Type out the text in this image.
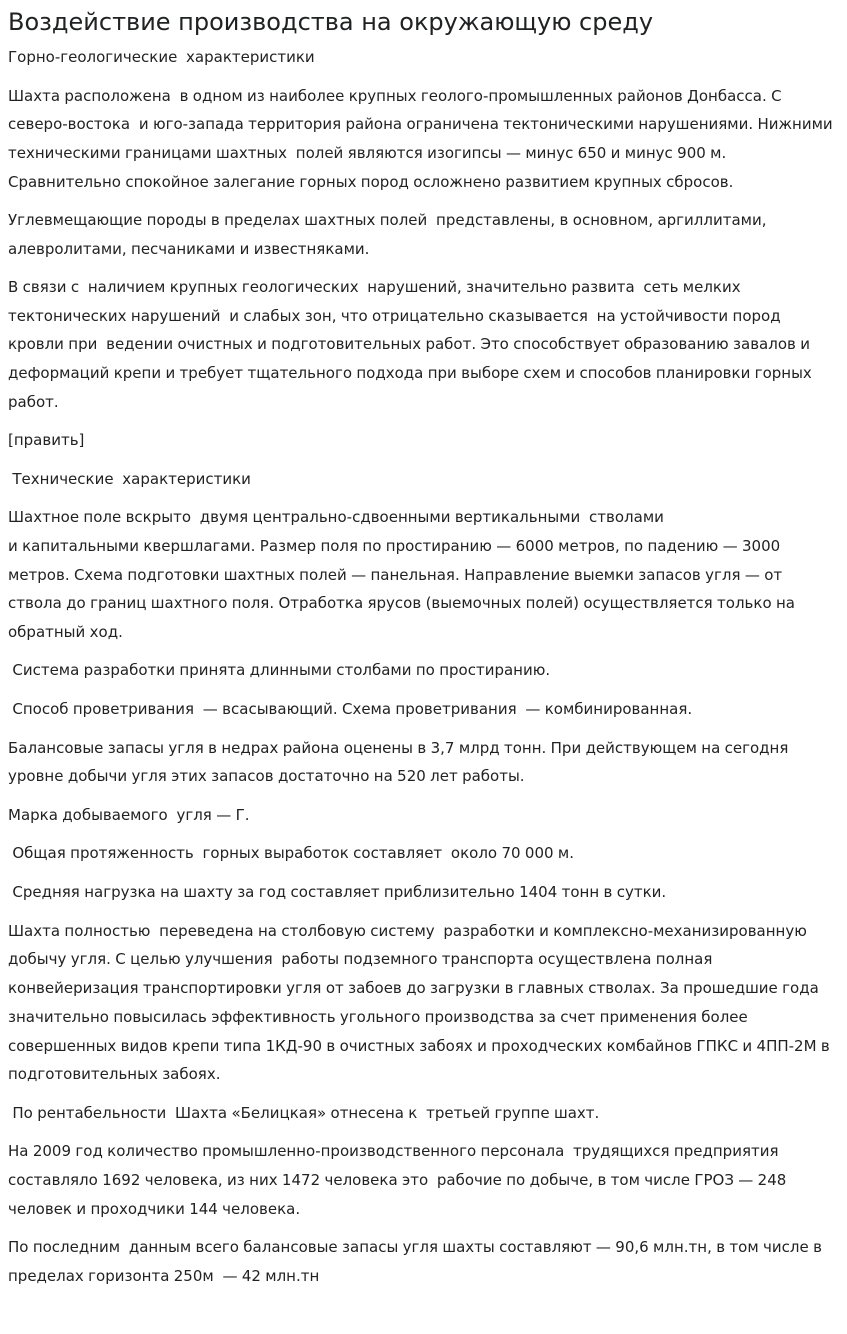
Воздействие производства на окружающую среду

Горно-геологические  характеристики

Шахта расположена  в одном из наиболее крупных геолого-промышленных районов Донбасса. С северо-востока  и юго-запада территория района ограничена тектоническими нарушениями. Нижними  техническими границами шахтных  полей являются изогипсы — минус 650 и минус 900 м. Сравнительно спокойное залегание горных пород осложнено развитием крупных сбросов.

Углевмещающие породы в пределах шахтных полей  представлены, в основном, аргиллитами, алевролитами, песчаниками и известняками.

В связи с  наличием крупных геологических  нарушений, значительно развита  сеть мелких тектонических нарушений  и слабых зон, что отрицательно сказывается  на устойчивости пород кровли при  ведении очистных и подготовительных работ. Это способствует образованию завалов и деформаций крепи и требует тщательного подхода при выборе схем и способов планировки горных работ.

[править]

Технические  характеристики

Шахтное поле вскрыто  двумя центрально-сдвоенными вертикальными  стволами
и капитальными квершлагами. Размер поля по простиранию — 6000 метров, по падению — 3000 метров. Схема подготовки шахтных полей — панельная. Направление выемки запасов угля — от ствола до границ шахтного поля. Отработка ярусов (выемочных полей) осуществляется только на обратный ход.

Система разработки принята длинными столбами по простиранию.

Способ проветривания  — всасывающий. Схема проветривания  — комбинированная.

Балансовые запасы угля в недрах района оценены в 3,7 млрд тонн. При действующем на сегодня  уровне добычи угля этих запасов достаточно на 520 лет работы.

Марка добываемого  угля — Г.

Общая протяженность  горных выработок составляет  около 70 000 м.

Средняя нагрузка на шахту за год составляет приблизительно 1404 тонн в сутки.

Шахта полностью  переведена на столбовую систему  разработки и комплексно-механизированную добычу угля. С целью улучшения  работы подземного транспорта осуществлена полная конвейеризация транспортировки угля от забоев до загрузки в главных стволах. За прошедшие года значительно повысилась эффективность угольного производства за счет применения более совершенных видов крепи типа 1КД-90 в очистных забоях и проходческих комбайнов ГПКС и 4ПП-2М в подготовительных забоях.

По рентабельности  Шахта «Белицкая» отнесена к  третьей группе шахт.

На 2009 год количество промышленно-производственного персонала  трудящихся предприятия составляло 1692 человека, из них 1472 человека это  рабочие по добыче, в том числе ГРОЗ — 248 человек и проходчики 144 человека.

По последним  данным всего балансовые запасы угля шахты составляют — 90,6 млн.тн, в том числе в пределах горизонта 250м  — 42 млн.тн
